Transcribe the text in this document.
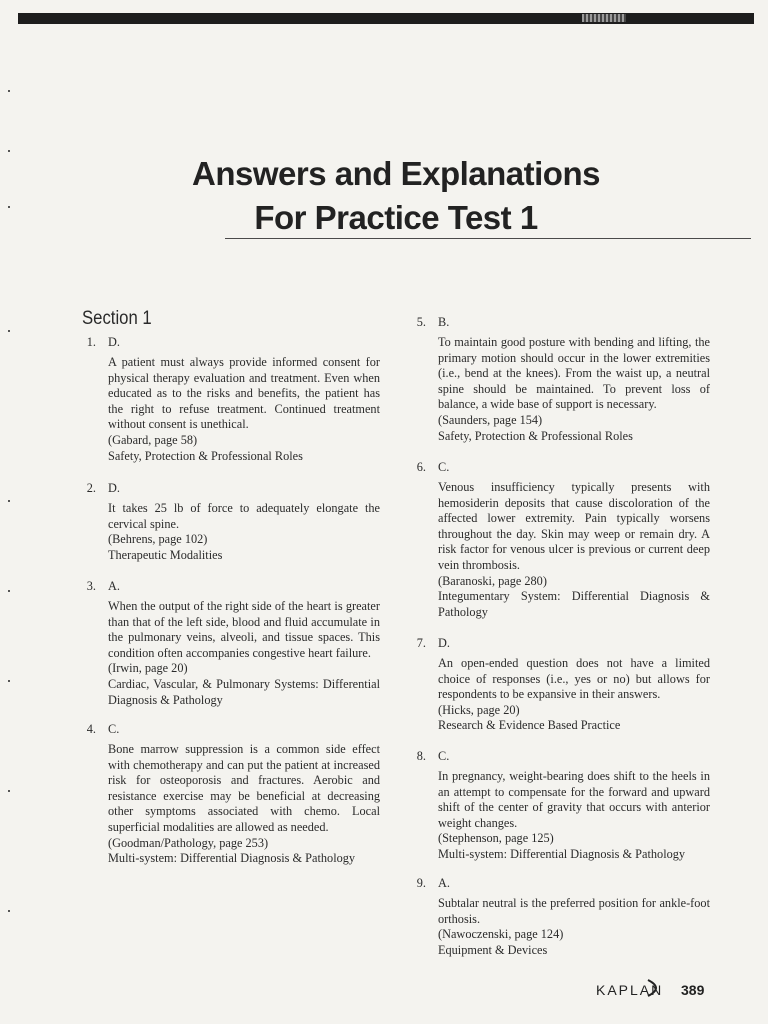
Answers and Explanations
For Practice Test 1
Section 1
1. D.

A patient must always provide informed consent for physical therapy evaluation and treatment. Even when educated as to the risks and benefits, the patient has the right to refuse treatment. Continued treatment without consent is unethical.

(Gabard, page 58)

Safety, Protection & Professional Roles

2. D.

It takes 25 lb of force to adequately elongate the cervical spine.

(Behrens, page 102)

Therapeutic Modalities

3. A.

When the output of the right side of the heart is greater than that of the left side, blood and fluid accumulate in the pulmonary veins, alveoli, and tissue spaces. This condition often accompanies congestive heart failure.

(Irwin, page 20)

Cardiac, Vascular, & Pulmonary Systems: Differential Diagnosis & Pathology

4. C.

Bone marrow suppression is a common side effect with chemotherapy and can put the patient at increased risk for osteoporosis and fractures. Aerobic and resistance exercise may be beneficial at decreasing other symptoms associated with chemo. Local superficial modalities are allowed as needed.

(Goodman/Pathology, page 253)

Multi-system: Differential Diagnosis & Pathology

5. B.

To maintain good posture with bending and lifting, the primary motion should occur in the lower extremities (i.e., bend at the knees). From the waist up, a neutral spine should be maintained. To prevent loss of balance, a wide base of support is necessary.

(Saunders, page 154)

Safety, Protection & Professional Roles

6. C.

Venous insufficiency typically presents with hemosiderin deposits that cause discoloration of the affected lower extremity. Pain typically worsens throughout the day. Skin may weep or remain dry. A risk factor for venous ulcer is previous or current deep vein thrombosis.

(Baranoski, page 280)

Integumentary System: Differential Diagnosis & Pathology

7. D.

An open-ended question does not have a limited choice of responses (i.e., yes or no) but allows for respondents to be expansive in their answers.

(Hicks, page 20)

Research & Evidence Based Practice

8. C.

In pregnancy, weight-bearing does shift to the heels in an attempt to compensate for the forward and upward shift of the center of gravity that occurs with anterior weight changes.

(Stephenson, page 125)

Multi-system: Differential Diagnosis & Pathology

9. A.

Subtalar neutral is the preferred position for ankle-foot orthosis.

(Nawoczenski, page 124)

Equipment & Devices

KAPLAN 389
